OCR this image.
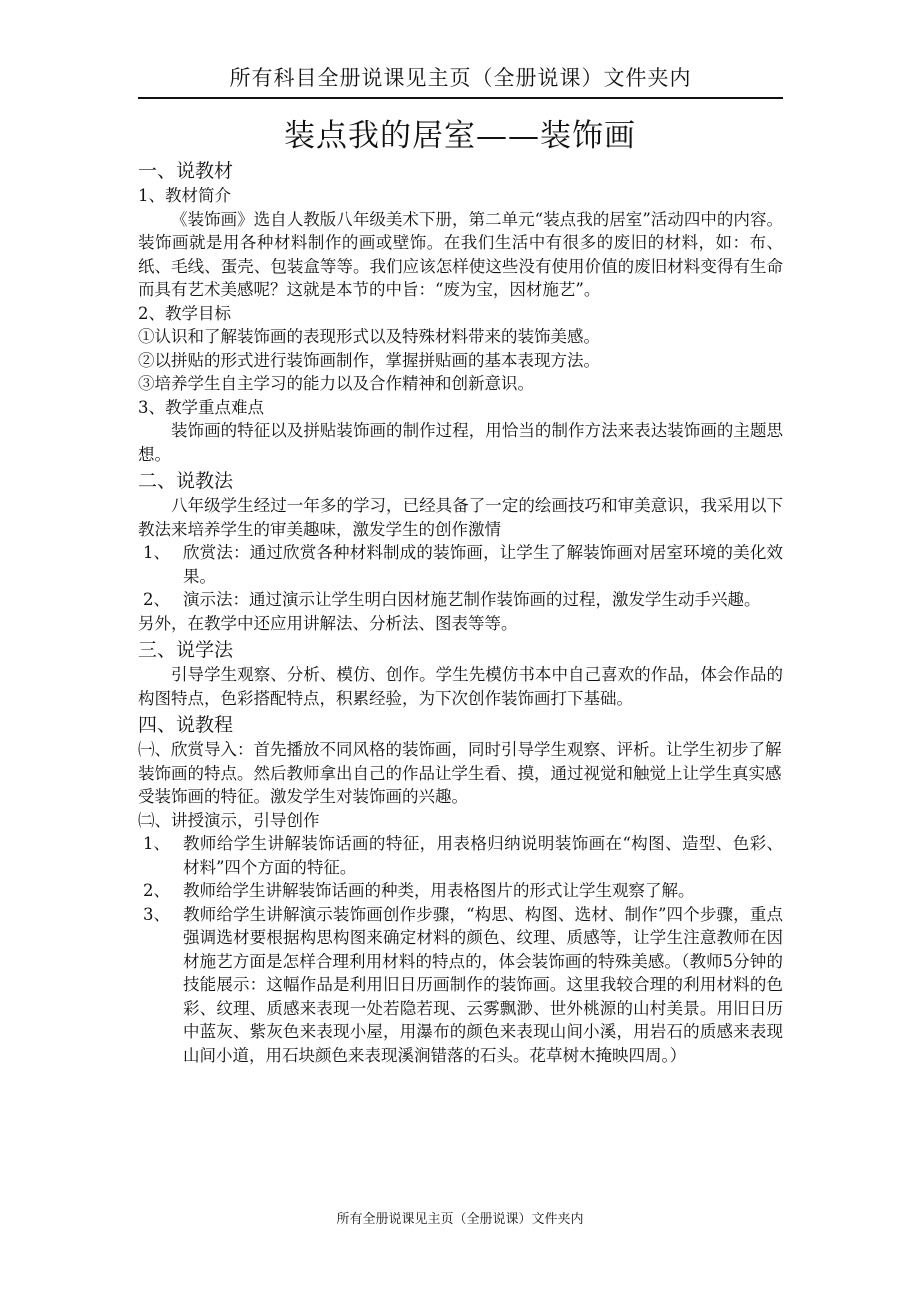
所有科目全册说课见主页（全册说课）文件夹内
装点我的居室——装饰画

一、说教材

1、教材简介

《装饰画》选自人教版八年级美术下册，第二单元“装点我的居室”活动四中的内容。装饰画就是用各种材料制作的画或壁饰。在我们生活中有很多的废旧的材料，如：布、纸、毛线、蛋壳、包装盒等等。我们应该怎样使这些没有使用价值的废旧材料变得有生命而具有艺术美感呢？这就是本节的中旨：“废为宝，因材施艺”。

2、教学目标

①认识和了解装饰画的表现形式以及特殊材料带来的装饰美感。

②以拼贴的形式进行装饰画制作，掌握拼贴画的基本表现方法。

③培养学生自主学习的能力以及合作精神和创新意识。

3、教学重点难点

装饰画的特征以及拼贴装饰画的制作过程，用恰当的制作方法来表达装饰画的主题思想。

二、说教法

八年级学生经过一年多的学习，已经具备了一定的绘画技巧和审美意识，我采用以下教法来培养学生的审美趣味，激发学生的创作激情

1、 欣赏法：通过欣赏各种材料制成的装饰画，让学生了解装饰画对居室环境的美化效果。
2、 演示法：通过演示让学生明白因材施艺制作装饰画的过程，激发学生动手兴趣。

另外，在教学中还应用讲解法、分析法、图表等等。

三、说学法

引导学生观察、分析、模仿、创作。学生先模仿书本中自己喜欢的作品，体会作品的构图特点，色彩搭配特点，积累经验，为下次创作装饰画打下基础。

四、说教程

㈠、欣赏导入：首先播放不同风格的装饰画，同时引导学生观察、评析。让学生初步了解装饰画的特点。然后教师拿出自己的作品让学生看、摸，通过视觉和触觉上让学生真实感受装饰画的特征。激发学生对装饰画的兴趣。

㈡、讲授演示，引导创作

1、 教师给学生讲解装饰话画的特征，用表格归纳说明装饰画在“构图、造型、色彩、材料”四个方面的特征。
2、 教师给学生讲解装饰话画的种类，用表格图片的形式让学生观察了解。
3、 教师给学生讲解演示装饰画创作步骤，“构思、构图、选材、制作”四个步骤，重点强调选材要根据构思构图来确定材料的颜色、纹理、质感等，让学生注意教师在因材施艺方面是怎样合理利用材料的特点的，体会装饰画的特殊美感。（教师5分钟的技能展示：这幅作品是利用旧日历画制作的装饰画。这里我较合理的利用材料的色彩、纹理、质感来表现一处若隐若现、云雾飘渺、世外桃源的山村美景。用旧日历中蓝灰、紫灰色来表现小屋，用瀑布的颜色来表现山间小溪，用岩石的质感来表现山间小道，用石块颜色来表现溪涧错落的石头。花草树木掩映四周。）
所有全册说课见主页（全册说课）文件夹内
